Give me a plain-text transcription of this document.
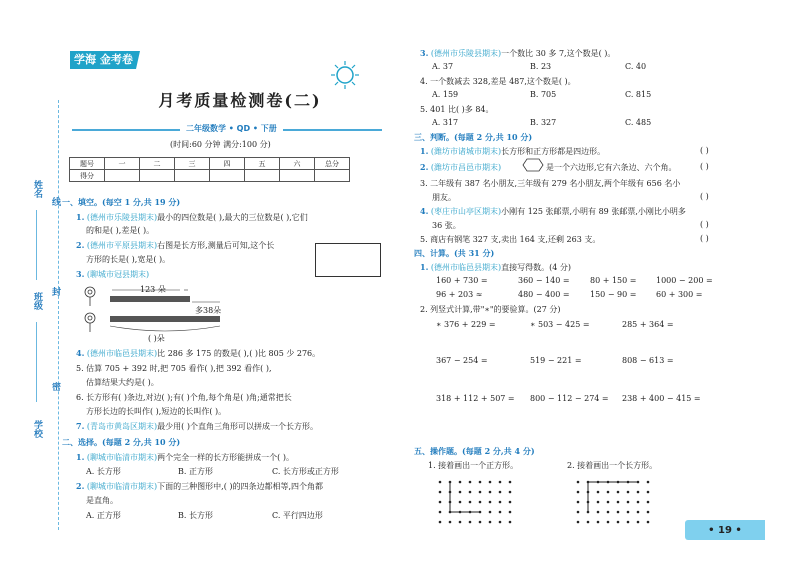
姓名
班级
学校
封
密
线
学海 金考卷
月考质量检测卷(二)
二年级数学 • QD • 下册
(时间:60 分钟 满分:100 分)
题号	一	二	三	四	五	六	总分
得分							
一、填空。(每空 1 分,共 19 分)
1. (德州市乐陵县期末)最小的四位数是( ),最大的三位数是( ),它们
的和是( ),差是( )。
2. (德州市平原县期末)右图是长方形,测量后可知,这个长
方形的长是( ),宽是( )。
3. (聊城市冠县期末)
123 朵
多38朵
( )朵
4. (德州市临邑县期末)比 286 多 175 的数是( ),( )比 805 少 276。
5. 估算 705 + 392 时,把 705 看作( ),把 392 看作( ),
估算结果大约是( )。
6. 长方形有( )条边,对边( );有( )个角,每个角是( )角;通常把长
方形长边的长叫作( ),短边的长叫作( )。
7. (青岛市黄岛区期末)最少用( )个直角三角形可以拼成一个长方形。
二、选择。(每题 2 分,共 10 分)
1. (聊城市临清市期末)两个完全一样的长方形能拼成一个( )。
A. 长方形	B. 正方形	C. 长方形或正方形
2. (聊城市临清市期末)下面的三种图形中,( )的四条边都相等,四个角都
是直角。
A. 正方形	B. 长方形	C. 平行四边形
3. (德州市乐陵县期末)一个数比 30 多 7,这个数是( )。
A. 37	B. 23	C. 40
4. 一个数减去 328,差是 487,这个数是( )。
A. 159	B. 705	C. 815
5. 401 比( )多 84。
A. 317	B. 327	C. 485
三、判断。(每题 2 分,共 10 分)
1. (潍坊市诸城市期末)长方形和正方形都是四边形。	( )
2. (潍坊市昌邑市期末)	是一个六边形,它有六条边、六个角。	( )
3. 二年级有 387 名小朋友,三年级有 279 名小朋友,两个年级有 656 名小
朋友。	( )
4. (枣庄市山亭区期末)小刚有 125 张邮票,小明有 89 张邮票,小刚比小明多
36 张。	( )
5. 商店有钢笔 327 支,卖出 164 支,还剩 263 支。	( )
四、计算。(共 31 分)
1. (德州市临邑县期末)直接写得数。(4 分)
160 + 730 =	360 − 140 =	80 + 150 = 1000 − 200 =
96 + 203 ≈	480 − 400 =	150 − 90 = 60 + 300 =
2. 列竖式计算,带"∗"的要验算。(27 分)
∗ 376 + 229 =	∗ 503 − 425 =	285 + 364 =
367 − 254 =	519 − 221 =	808 − 613 =
318 + 112 + 507 = 800 − 112 − 274 = 238 + 400 − 415 =
五、操作题。(每题 2 分,共 4 分)
1. 接着画出一个正方形。	2. 接着画出一个长方形。
• 19 •
